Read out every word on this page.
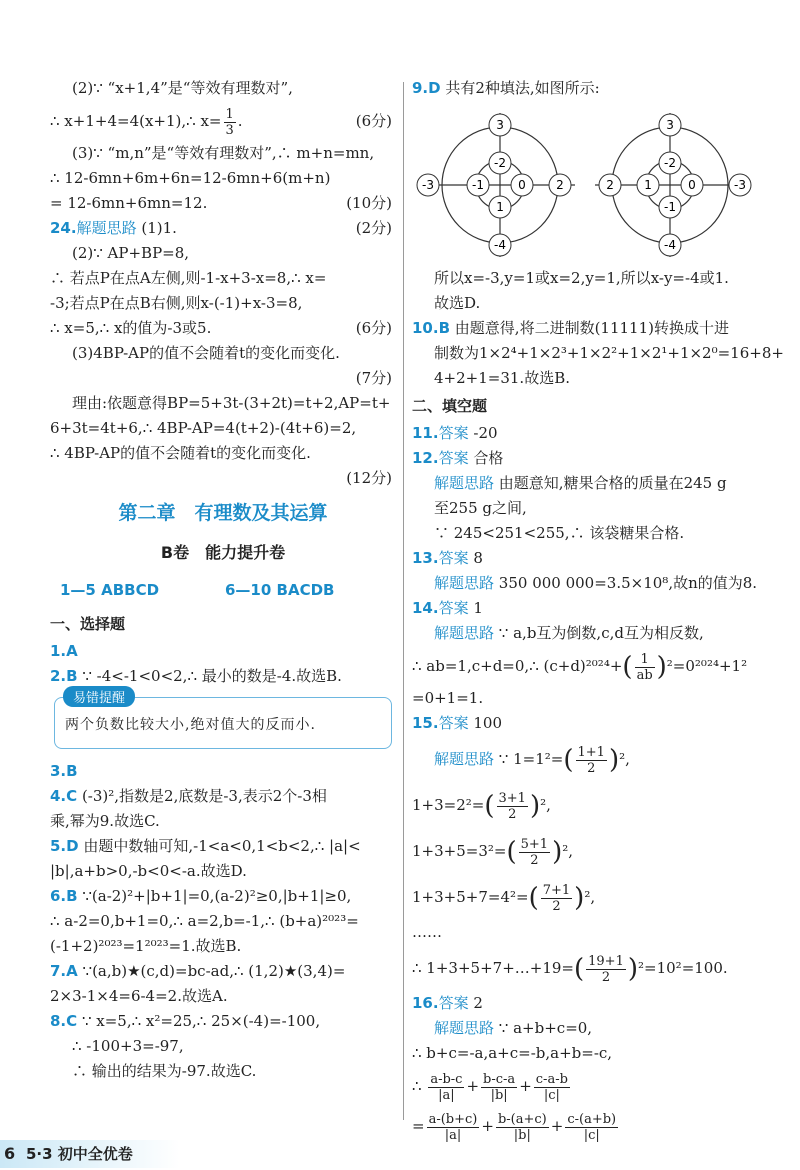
(2)∵ “x+1,4”是“等效有理数对”,
∴ x+1+4=4(x+1),∴ $x= \frac{1}{3}$ .	(6分)
(3)∵ “m,n”是“等效有理数对”,∴ m+n=mn,
∴ 12-6mn+6m+6n=12-6mn+6(m+n)
= 12-6mn+6mn=12.	(10分)
24.解题思路 (1)1.	(2分)
(2)∵ AP+BP=8,
∴ 若点P在点A左侧,则-1-x+3-x=8,∴ x=
-3;若点P在点B右侧,则x-(-1)+x-3=8,
∴ x=5,∴ x的值为-3或5.	(6分)
(3)4BP-AP的值不会随着t的变化而变化.
(7分)
理由:依题意得BP=5+3t-(3+2t)=t+2,AP=t+
6+3t=4t+6,∴ 4BP-AP=4(t+2)-(4t+6)=2,
∴ 4BP-AP的值不会随着t的变化而变化.
(12分)
第二章　有理数及其运算
B卷　能力提升卷
1—5 ABBCD	6—10 BACDB
一、选择题
1.A
2.B ∵ -4<-1<0<2,∴ 最小的数是-4.故选B.
易错提醒
两个负数比较大小,绝对值大的反而小.
3.B
4.C (-3)²,指数是2,底数是-3,表示2个-3相
乘,幂为9.故选C.
5.D 由题中数轴可知,-1<a<0,1<b<2,∴ |a|<
|b|,a+b>0,-b<0<-a.故选D.
6.B ∵(a-2)²+|b+1|=0,(a-2)²≥0,|b+1|≥0,
∴ a-2=0,b+1=0,∴ a=2,b=-1,∴ (b+a)²⁰²³=
(-1+2)²⁰²³=1²⁰²³=1.故选B.
7.A ∵(a,b)★(c,d)=bc-ad,∴ (1,2)★(3,4)=
2×3-1×4=6-4=2.故选A.
8.C ∵ x=5,∴ x²=25,∴ 25×(-4)=-100,
∴ -100+3=-97,
∴ 输出的结果为-97.故选C.
9.D 共有2种填法,如图所示:
3
-3
-2
-1	0	2
1
-4
3
2
-2
1	0	-3
-1
-4
所以x=-3,y=1或x=2,y=1,所以x-y=-4或1.
故选D.
10.B 由题意得,将二进制数(11111)转换成十进
制数为1×2⁴+1×2³+1×2²+1×2¹+1×2⁰=16+8+
4+2+1=31.故选B.
二、填空题
11.答案 -20
12.答案 合格
解题思路 由题意知,糖果合格的质量在245 g
至255 g之间,
∵ 245<251<255,∴ 该袋糖果合格.
13.答案 8
解题思路 350 000 000=3.5×10⁸,故n的值为8.
14.答案 1
解题思路 ∵ a,b互为倒数,c,d互为相反数,
∴ ab=1,c+d=0,∴ $(c+d)^{2024}+( \frac{1}{ab} )^2=0^{2024}+1^2$
=0+1=1.
15.答案 100
解题思路 ∵ $1=1^2=( \frac{1+1}{2} )^2$,
$1+3=2^2=( \frac{3+1}{2} )^2$,
$1+3+5=3^2=( \frac{5+1}{2} )^2$,
$1+3+5+7=4^2=( \frac{7+1}{2} )^2$,
……
∴ 1+3+5+7+…+19=( $\frac{19+1}{2} )^2=10^2=100$.
16.答案 2
解题思路 ∵ a+b+c=0,
∴ b+c=-a,a+c=-b,a+b=-c,
∴ $\frac{a-b-c}{|a|} + \frac{b-c-a}{|b|} + \frac{c-a-b}{|c|}$
= $\frac{a-(b+c)}{|a|} + \frac{b-(a+c)}{|b|} + \frac{c-(a+b)}{|c|}$
6 5·3 初中全优卷
